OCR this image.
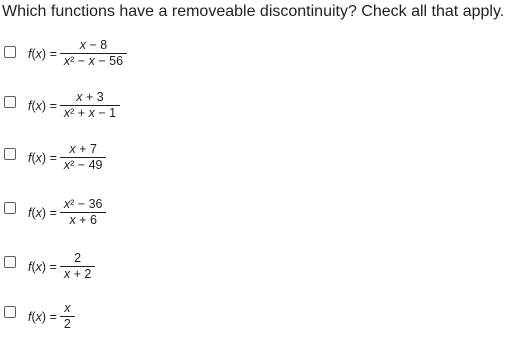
Which functions have a removeable discontinuity? Check all that apply.
$f(x) = \frac{x - 8}{\text{x² − x − 56}}$
$f(x) = \frac{x + 3}{\text{x² + x − 1}}$
$f(x) = \frac{x + 7}{\text{x² − 49}}$
$f(x) = \frac{\text{x² − 36}}{x + 6}$
$f(x) = \frac{2}{x + 2}$
$f(x) = \frac{x}{2}$
